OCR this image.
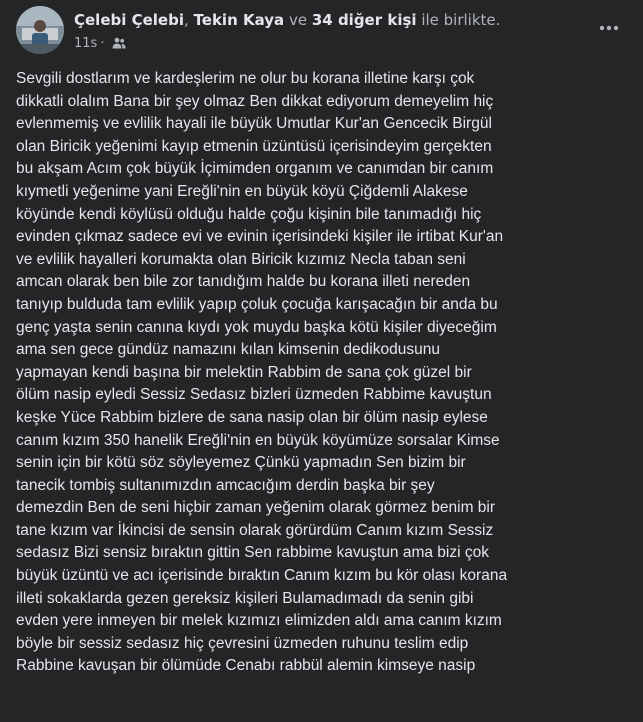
Çelebi Çelebi, Tekin Kaya ve 34 diğer kişi ile birlikte.
11s ·
Sevgili dostlarım ve kardeşlerim ne olur bu korana illetine karşı çok
dikkatli olalım Bana bir şey olmaz Ben dikkat ediyorum demeyelim hiç
evlenmemiş ve evlilik hayali ile büyük Umutlar Kur'an Gencecik Birgül
olan Biricik yeğenimi kayıp etmenin üzüntüsü içerisindeyim gerçekten
bu akşam Acım çok büyük İçimimden organım ve canımdan bir canım
kıymetli yeğenime yani Ereğli'nin en büyük köyü Çiğdemli Alakese
köyünde kendi köylüsü olduğu halde çoğu kişinin bile tanımadığı hiç
evinden çıkmaz sadece evi ve evinin içerisindeki kişiler ile irtibat Kur'an
ve evlilik hayalleri korumakta olan Biricik kızımız Necla taban seni
amcan olarak ben bile zor tanıdığım halde bu korana illeti nereden
tanıyıp bulduda tam evlilik yapıp çoluk çocuğa karışacağın bir anda bu
genç yaşta senin canına kıydı yok muydu başka kötü kişiler diyeceğim
ama sen gece gündüz namazını kılan kimsenin dedikodusunu
yapmayan kendi başına bir melektin Rabbim de sana çok güzel bir
ölüm nasip eyledi Sessiz Sedasız bizleri üzmeden Rabbime kavuştun
keşke Yüce Rabbim bizlere de sana nasip olan bir ölüm nasip eylese
canım kızım 350 hanelik Ereğli'nin en büyük köyümüze sorsalar Kimse
senin için bir kötü söz söyleyemez Çünkü yapmadın Sen bizim bir
tanecik tombiş sultanımızdın amcacığım derdin başka bir şey
demezdin Ben de seni hiçbir zaman yeğenim olarak görmez benim bir
tane kızım var İkincisi de sensin olarak görürdüm Canım kızım Sessiz
sedasız Bizi sensiz bıraktın gittin Sen rabbime kavuştun ama bizi çok
büyük üzüntü ve acı içerisinde bıraktın Canım kızım bu kör olası korana
illeti sokaklarda gezen gereksiz kişileri Bulamadımadı da senin gibi
evden yere inmeyen bir melek kızımızı elimizden aldı ama canım kızım
böyle bir sessiz sedasız hiç çevresini üzmeden ruhunu teslim edip
Rabbine kavuşan bir ölümüde Cenabı rabbül alemin kimseye nasip
